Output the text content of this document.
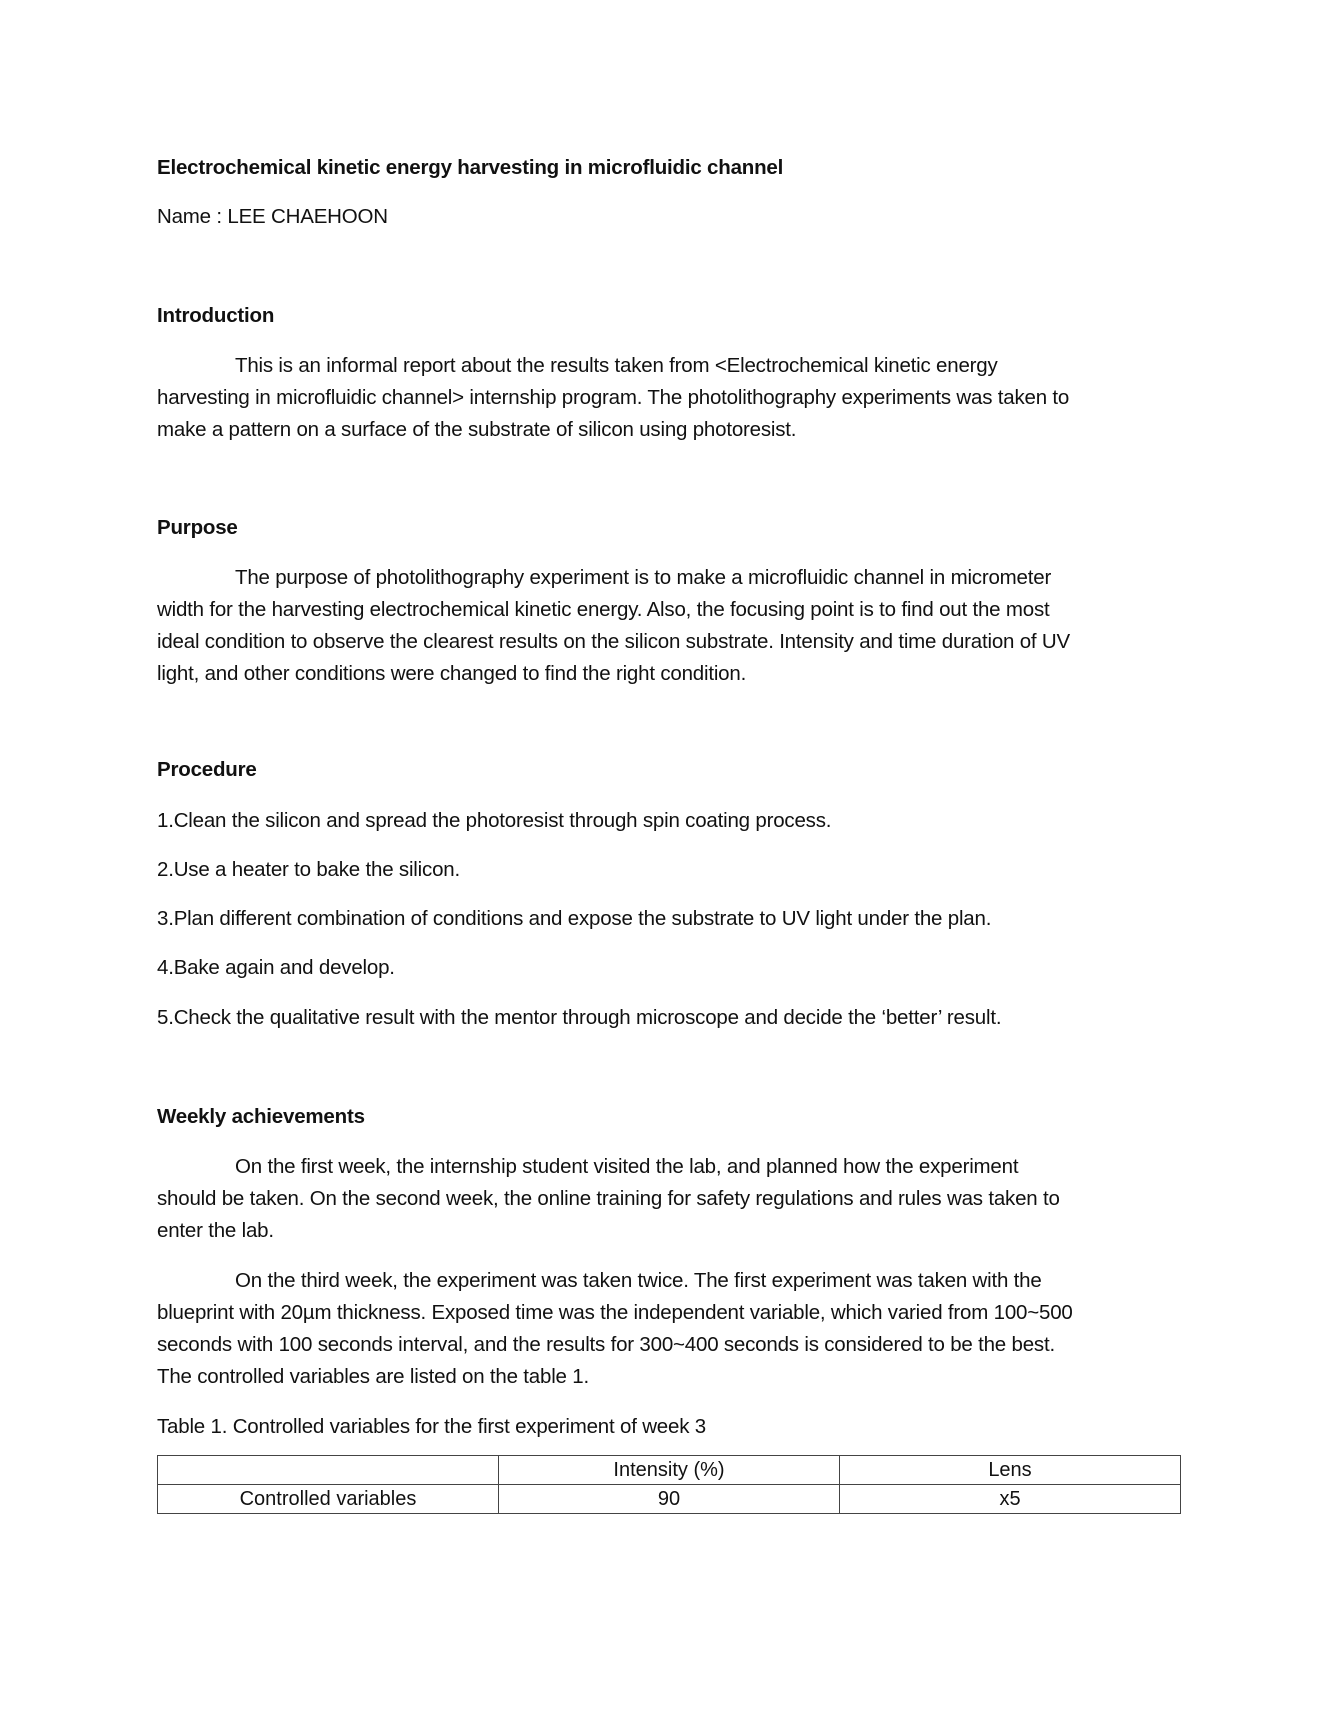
Electrochemical kinetic energy harvesting in microfluidic channel
Name : LEE CHAEHOON
Introduction
This is an informal report about the results taken from <Electrochemical kinetic energy
harvesting in microfluidic channel> internship program. The photolithography experiments was taken to
make a pattern on a surface of the substrate of silicon using photoresist.
Purpose
The purpose of photolithography experiment is to make a microfluidic channel in micrometer
width for the harvesting electrochemical kinetic energy. Also, the focusing point is to find out the most
ideal condition to observe the clearest results on the silicon substrate. Intensity and time duration of UV
light, and other conditions were changed to find the right condition.
Procedure
1.Clean the silicon and spread the photoresist through spin coating process.
2.Use a heater to bake the silicon.
3.Plan different combination of conditions and expose the substrate to UV light under the plan.
4.Bake again and develop.
5.Check the qualitative result with the mentor through microscope and decide the ‘better’ result.
Weekly achievements
On the first week, the internship student visited the lab, and planned how the experiment
should be taken. On the second week, the online training for safety regulations and rules was taken to
enter the lab.
On the third week, the experiment was taken twice. The first experiment was taken with the
blueprint with 20µm thickness. Exposed time was the independent variable, which varied from 100~500
seconds with 100 seconds interval, and the results for 300~400 seconds is considered to be the best.
The controlled variables are listed on the table 1.
Table 1. Controlled variables for the first experiment of week 3
	Intensity (%)	Lens
Controlled variables	90	x5
